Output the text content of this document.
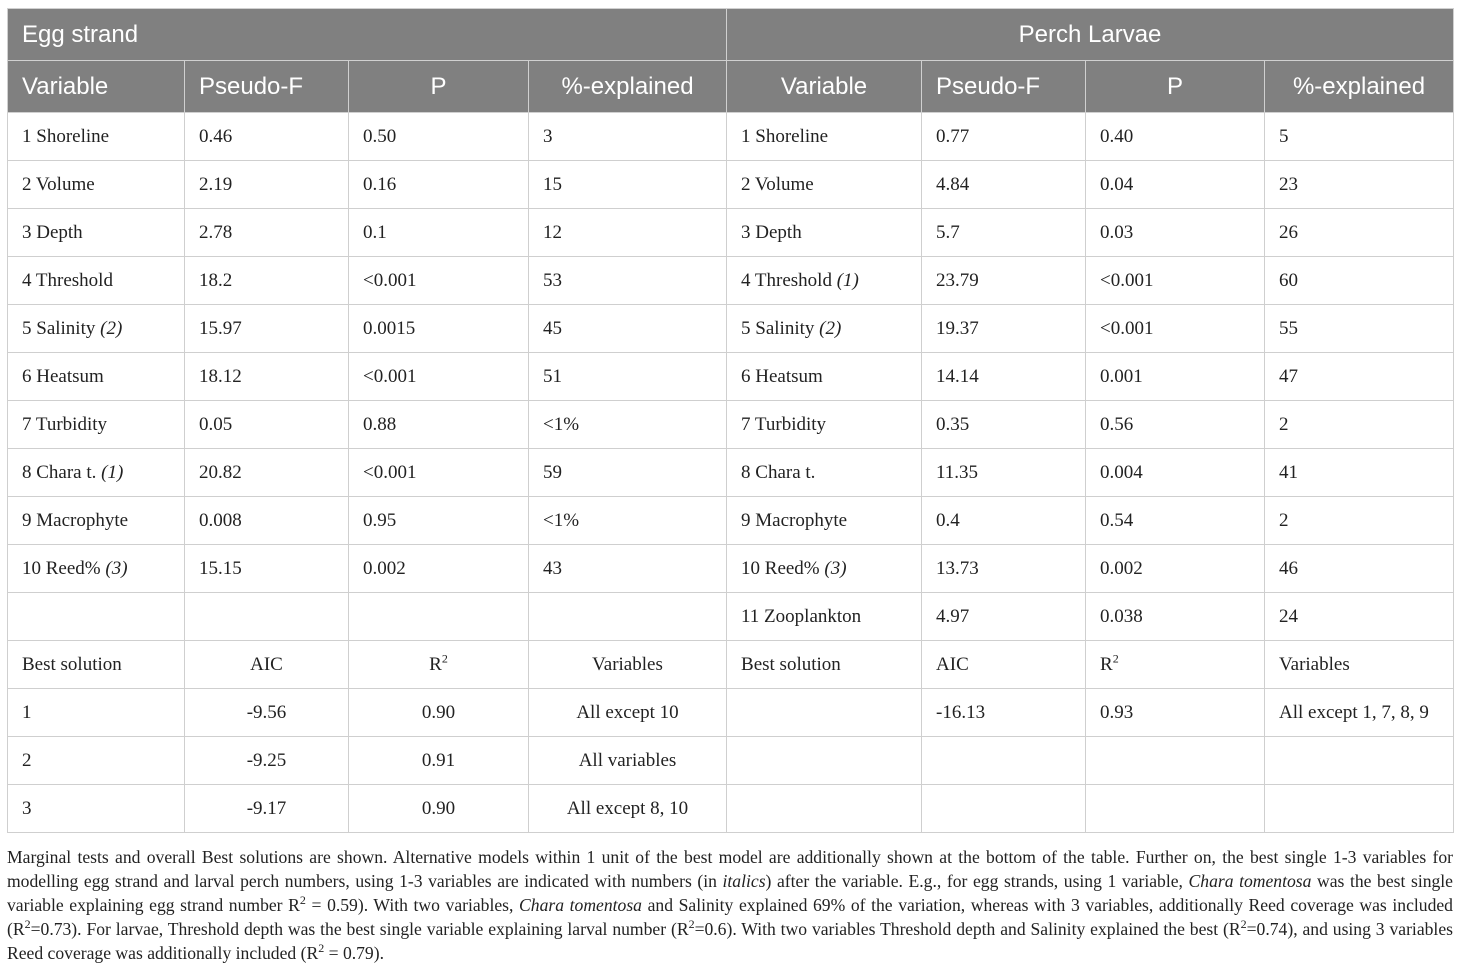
Egg strand				Perch Larvae			
Variable	Pseudo-F	P	%-explained	Variable	Pseudo-F	P	%-explained
1 Shoreline	0.46	0.50	3	1 Shoreline	0.77	0.40	5
2 Volume	2.19	0.16	15	2 Volume	4.84	0.04	23
3 Depth	2.78	0.1	12	3 Depth	5.7	0.03	26
4 Threshold	18.2	<0.001	53	4 Threshold (1)	23.79	<0.001	60
5 Salinity (2)	15.97	0.0015	45	5 Salinity (2)	19.37	<0.001	55
6 Heatsum	18.12	<0.001	51	6 Heatsum	14.14	0.001	47
7 Turbidity	0.05	0.88	<1%	7 Turbidity	0.35	0.56	2
8 Chara t. (1)	20.82	<0.001	59	8 Chara t.	11.35	0.004	41
9 Macrophyte	0.008	0.95	<1%	9 Macrophyte	0.4	0.54	2
10 Reed% (3)	15.15	0.002	43	10 Reed% (3)	13.73	0.002	46
				11 Zooplankton	4.97	0.038	24
Best solution	AIC	$R^2$	Variables	Best solution	AIC	$R^2$	Variables
1	-9.56	0.90	All except 10		-16.13	0.93	All except 1, 7, 8, 9
2	-9.25	0.91	All variables				
3	-9.17	0.90	All except 8, 10				
Marginal tests and overall Best solutions are shown. Alternative models within 1 unit of the best model are additionally shown at the bottom of the table. Further on, the best single 1-3 variables for modelling egg strand and larval perch numbers, using 1-3 variables are indicated with numbers (in italics) after the variable. E.g., for egg strands, using 1 variable, Chara tomentosa was the best single variable explaining egg strand number $R^2 = 0.59$). With two variables, Chara tomentosa and Salinity explained 69% of the variation, whereas with 3 variables, additionally Reed coverage was included $(R^2=0.73)$. For larvae, Threshold depth was the best single variable explaining larval number $(R^2=0.6)$. With two variables Threshold depth and Salinity explained the best $(R^2=0.74)$, and using 3 variables Reed coverage was additionally included $(R^2 = 0.79)$.
